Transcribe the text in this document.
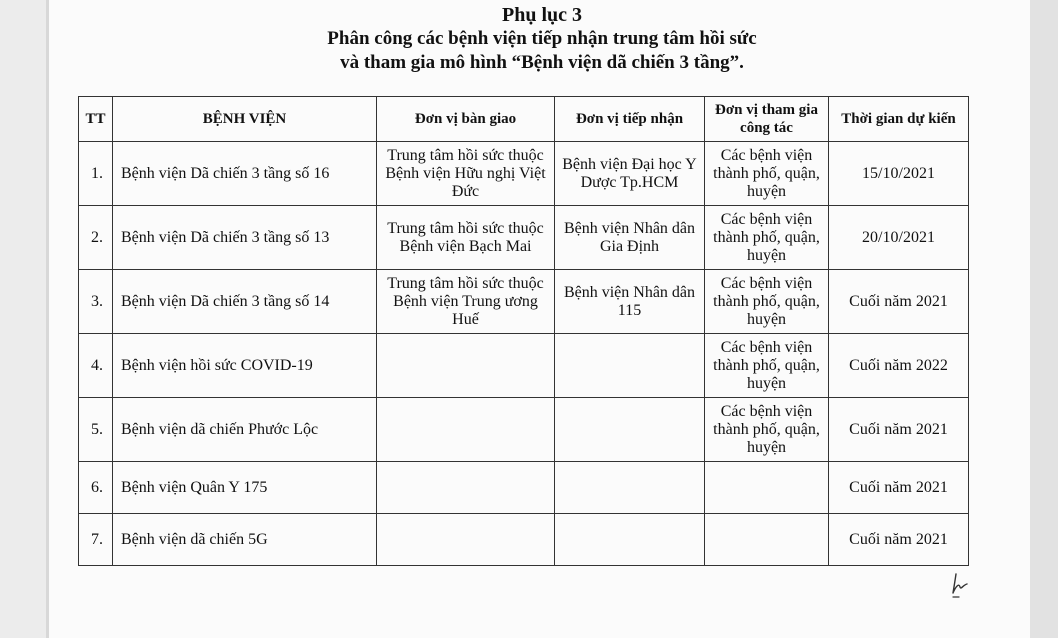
Phụ lục 3
Phân công các bệnh viện tiếp nhận trung tâm hồi sức
và tham gia mô hình “Bệnh viện dã chiến 3 tầng”.
TT	BỆNH VIỆN	Đơn vị bàn giao	Đơn vị tiếp nhận	Đơn vị tham gia công tác	Thời gian dự kiến
1.	Bệnh viện Dã chiến 3 tầng số 16	Trung tâm hồi sức thuộc Bệnh viện Hữu nghị Việt Đức	Bệnh viện Đại học Y Dược Tp.HCM	Các bệnh viện thành phố, quận, huyện	15/10/2021
2.	Bệnh viện Dã chiến 3 tầng số 13	Trung tâm hồi sức thuộc Bệnh viện Bạch Mai	Bệnh viện Nhân dân Gia Định	Các bệnh viện thành phố, quận, huyện	20/10/2021
3.	Bệnh viện Dã chiến 3 tầng số 14	Trung tâm hồi sức thuộc Bệnh viện Trung ương Huế	Bệnh viện Nhân dân 115	Các bệnh viện thành phố, quận, huyện	Cuối năm 2021
4.	Bệnh viện hồi sức COVID-19			Các bệnh viện thành phố, quận, huyện	Cuối năm 2022
5.	Bệnh viện dã chiến Phước Lộc			Các bệnh viện thành phố, quận, huyện	Cuối năm 2021
6.	Bệnh viện Quân Y 175				Cuối năm 2021
7.	Bệnh viện dã chiến 5G				Cuối năm 2021
